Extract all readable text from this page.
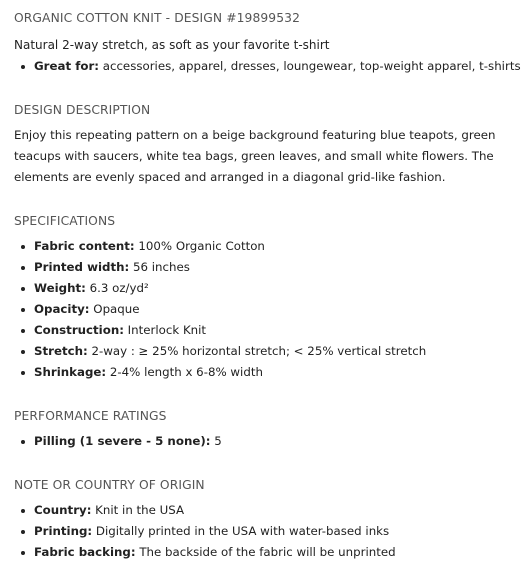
ORGANIC COTTON KNIT - DESIGN #19899532

Natural 2-way stretch, as soft as your favorite t-shirt

Great for: accessories, apparel, dresses, loungewear, top-weight apparel, t-shirts
DESIGN DESCRIPTION

Enjoy this repeating pattern on a beige background featuring blue teapots, green teacups with saucers, white tea bags, green leaves, and small white flowers. The elements are evenly spaced and arranged in a diagonal grid-like fashion.

SPECIFICATIONS
Fabric content: 100% Organic Cotton
Printed width: 56 inches
Weight: 6.3 oz/yd²
Opacity: Opaque
Construction: Interlock Knit
Stretch: 2-way : ≥ 25% horizontal stretch; < 25% vertical stretch
Shrinkage: 2-4% length x 6-8% width
PERFORMANCE RATINGS
Pilling (1 severe - 5 none): 5
NOTE OR COUNTRY OF ORIGIN
Country: Knit in the USA
Printing: Digitally printed in the USA with water-based inks
Fabric backing: The backside of the fabric will be unprinted
